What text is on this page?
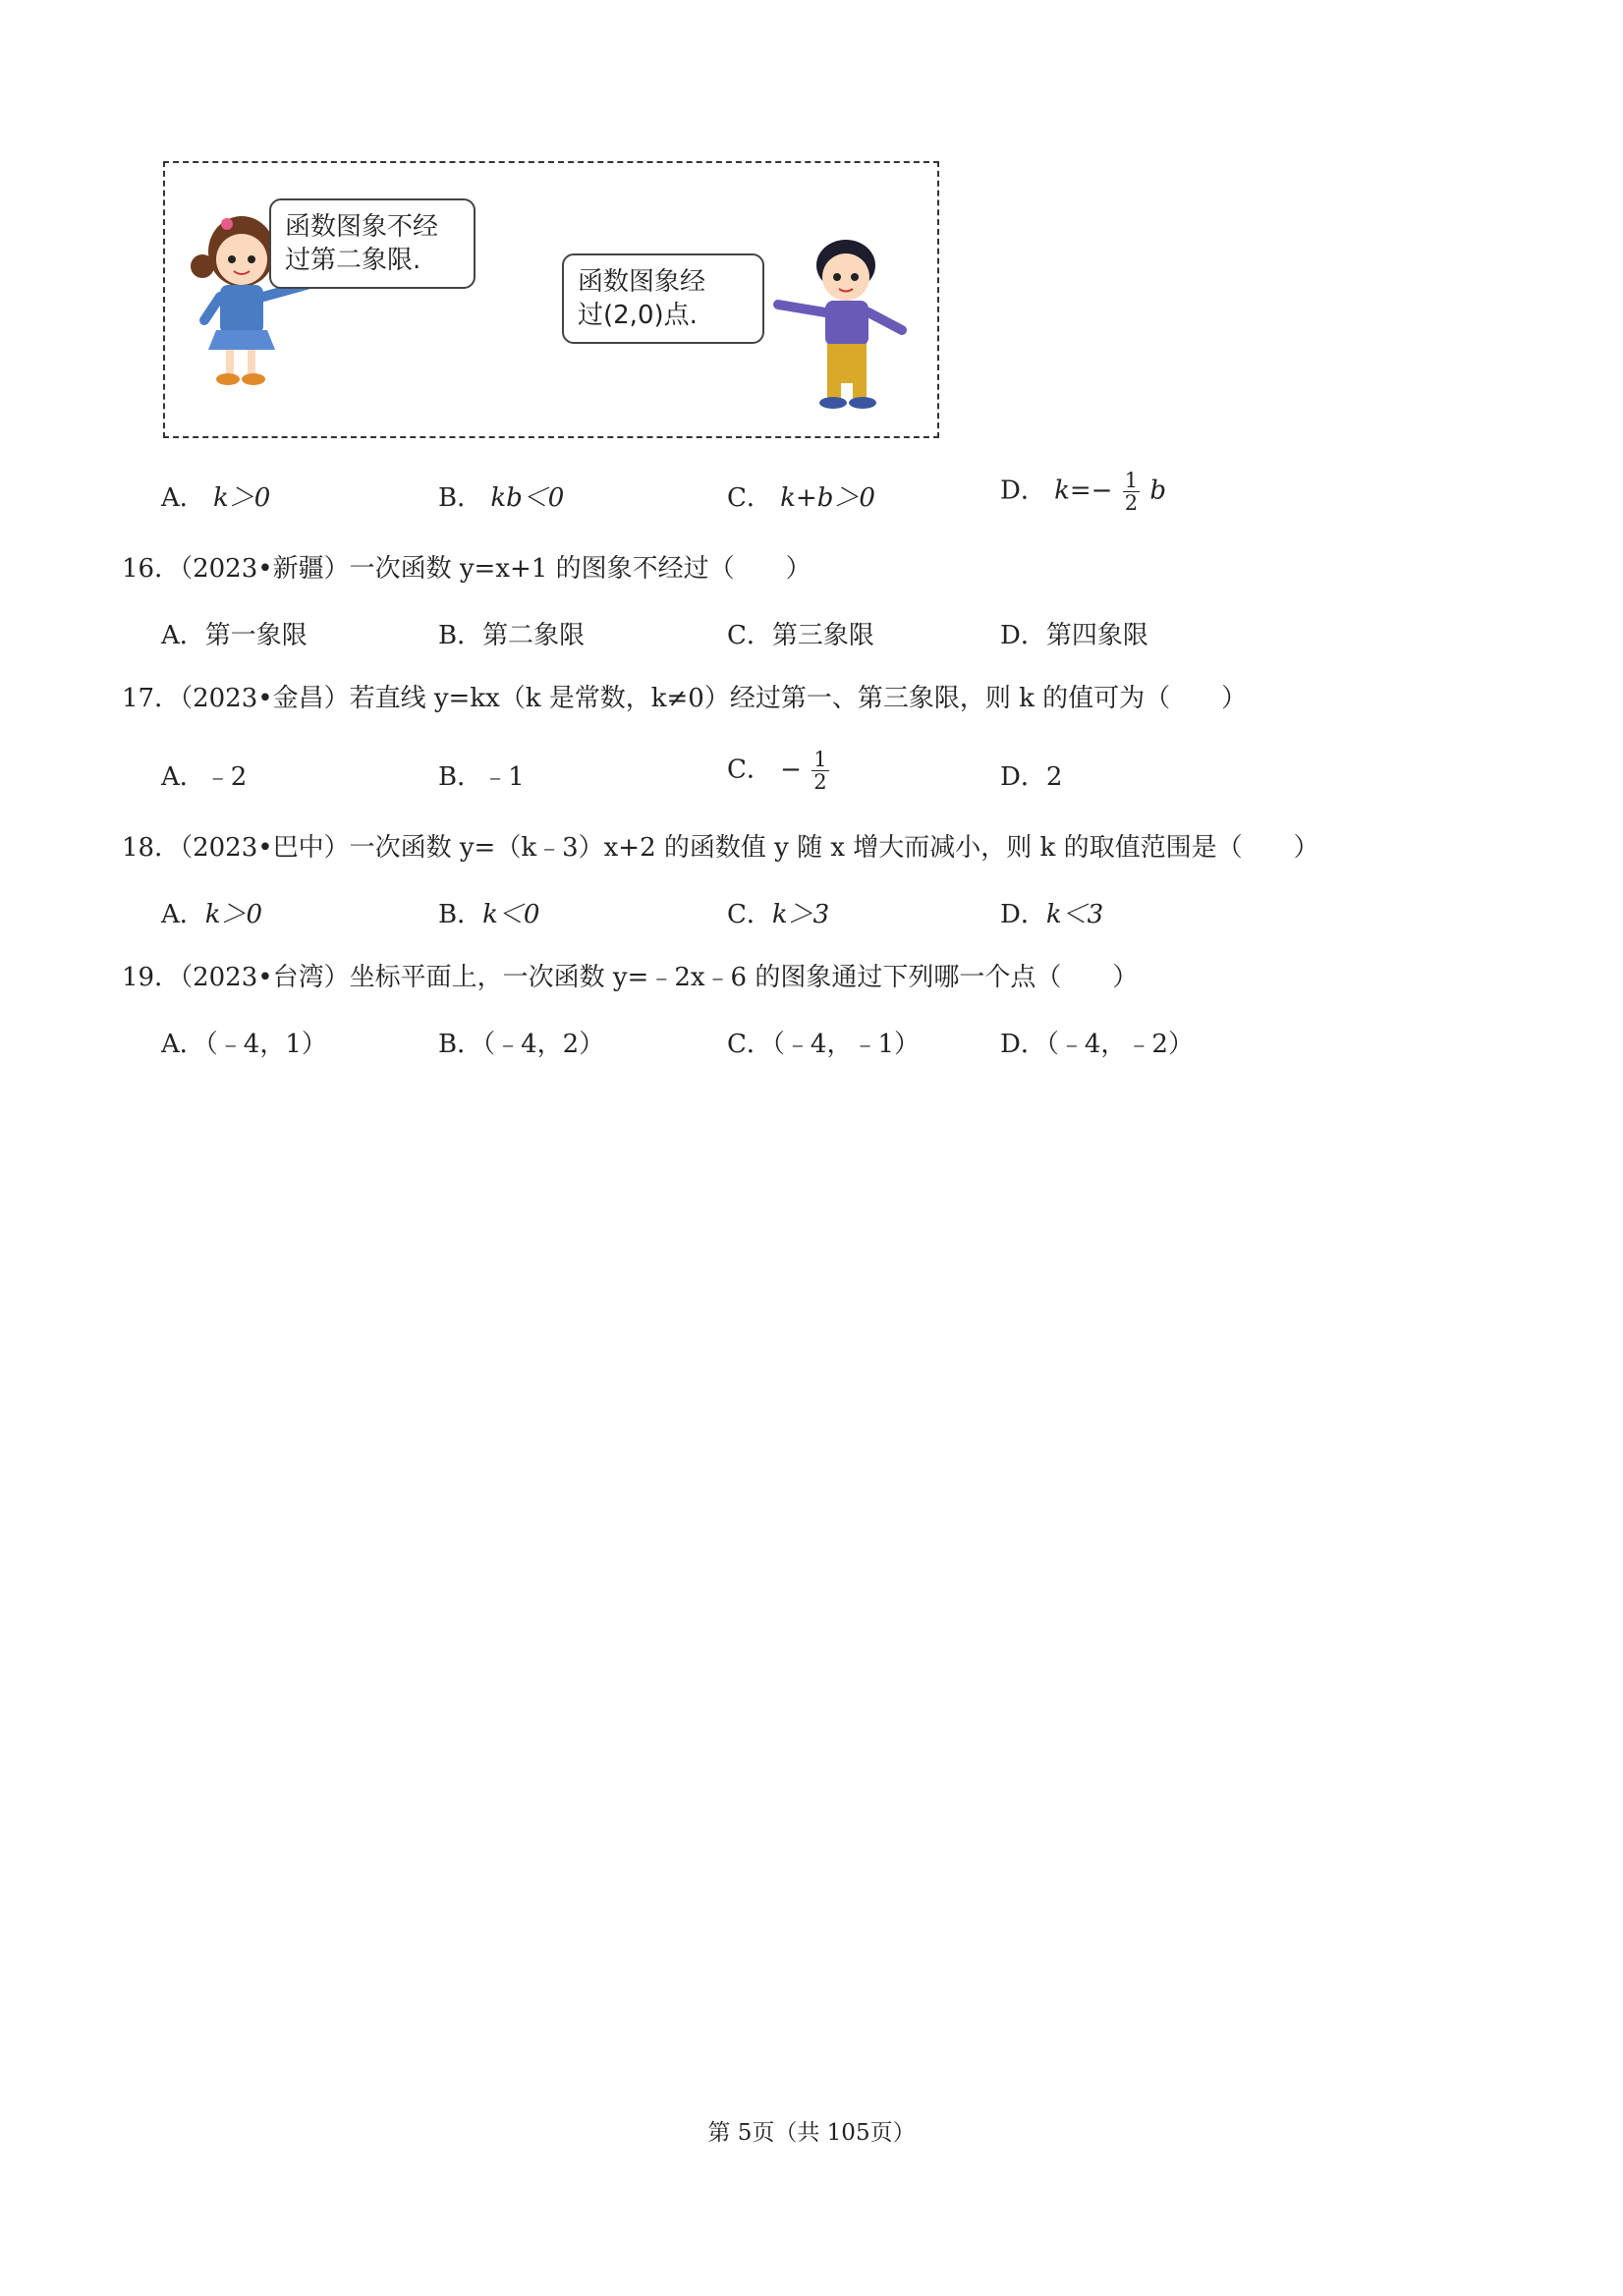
函数图象不经
过第二象限.
函数图象经
过(2,0)点.
A． k＞0	B． kb＜0	C． k+b＞0	D． $k=- \frac{1}{2}$ b
16．（2023•新疆）一次函数 y=x+1 的图象不经过（　　）
A．第一象限	B．第二象限	C．第三象限	D．第四象限
17．（2023•金昌）若直线 y=kx（k 是常数，k≠0）经过第一、第三象限，则 k 的值可为（　　）
A．﹣2	B．﹣1	C． − $\frac{1}{2}$	D．2
18．（2023•巴中）一次函数 y=（k﹣3）x+2 的函数值 y 随 x 增大而减小，则 k 的取值范围是（　　）
A．k＞0	B．k＜0	C．k＞3	D．k＜3
19．（2023•台湾）坐标平面上，一次函数 y=﹣2x﹣6 的图象通过下列哪一个点（　　）
A．（﹣4，1）	B．（﹣4，2）	C．（﹣4，﹣1）	D．（﹣4，﹣2）
第 5页（共 105页）
